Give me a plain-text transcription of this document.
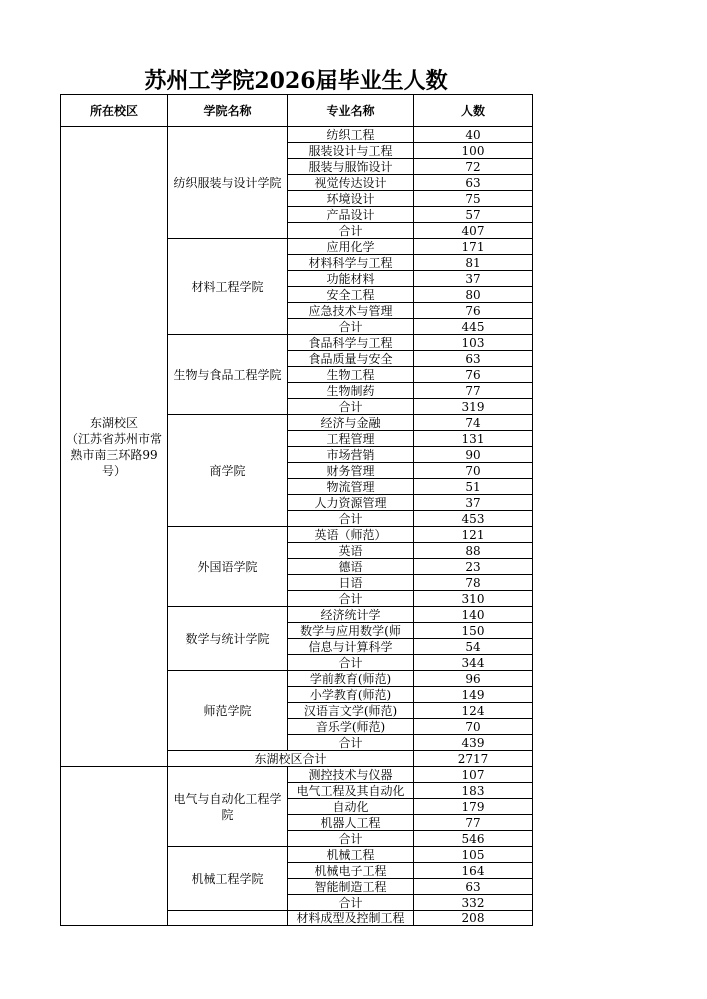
苏州工学院2026届毕业生人数
所在校区	学院名称	专业名称	人数
东湖校区
（江苏省苏州市常熟市南三环路99号）	纺织服装与设计学院	纺织工程	40
		服装设计与工程	100
		服装与服饰设计	72
		视觉传达设计	63
		环境设计	75
		产品设计	57
		合计	407
	材料工程学院	应用化学	171
		材料科学与工程	81
		功能材料	37
		安全工程	80
		应急技术与管理	76
		合计	445
	生物与食品工程学院	食品科学与工程	103
		食品质量与安全	63
		生物工程	76
		生物制药	77
		合计	319
	商学院	经济与金融	74
		工程管理	131
		市场营销	90
		财务管理	70
		物流管理	51
		人力资源管理	37
		合计	453
	外国语学院	英语（师范）	121
		英语	88
		德语	23
		日语	78
		合计	310
	数学与统计学院	经济统计学	140
		数学与应用数学(师	150
		信息与计算科学	54
		合计	344
	师范学院	学前教育(师范)	96
		小学教育(师范)	149
		汉语言文学(师范)	124
		音乐学(师范)	70
		合计	439
	东湖校区合计		2717
	电气与自动化工程学院	测控技术与仪器	107
		电气工程及其自动化	183
		自动化	179
		机器人工程	77
		合计	546
	机械工程学院	机械工程	105
		机械电子工程	164
		智能制造工程	63
		合计	332
		材料成型及控制工程	208
